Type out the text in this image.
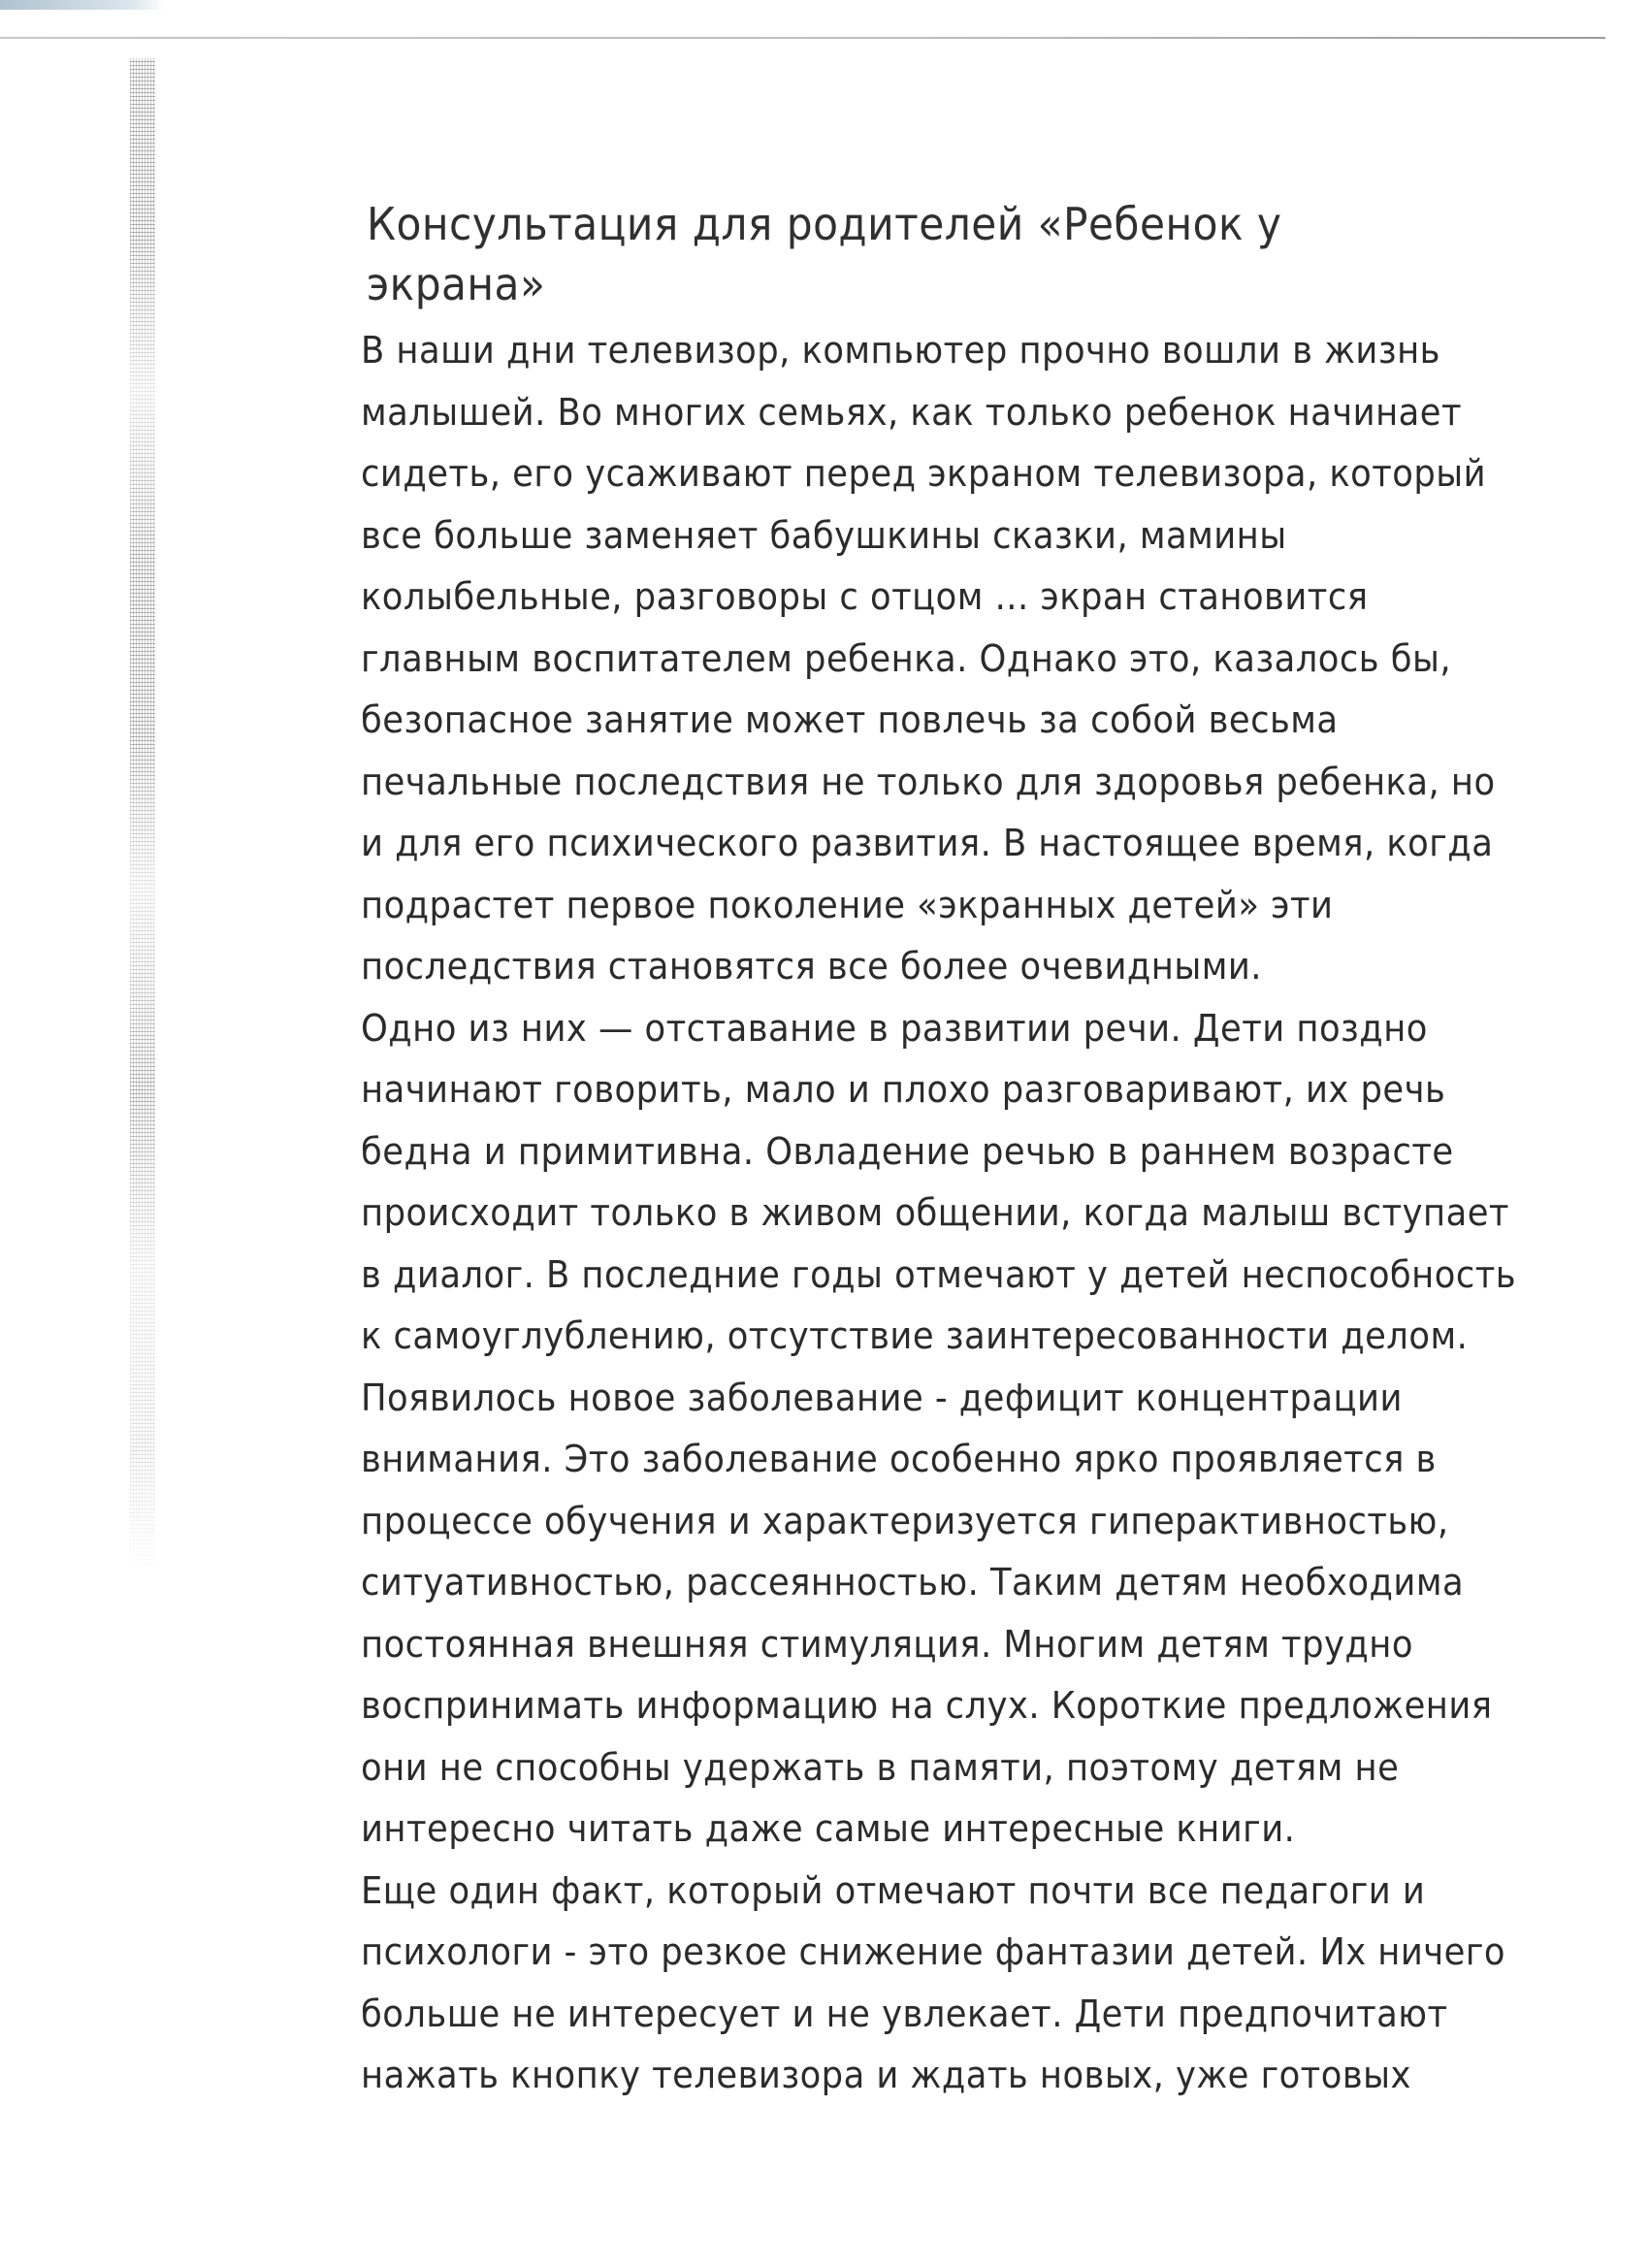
Консультация для родителей «Ребенок у
экрана»
В наши дни телевизор, компьютер прочно вошли в жизнь
малышей. Во многих семьях, как только ребенок начинает
сидеть, его усаживают перед экраном телевизора, который
все больше заменяет бабушкины сказки, мамины
колыбельные, разговоры с отцом ... экран становится
главным воспитателем ребенка. Однако это, казалось бы,
безопасное занятие может повлечь за собой весьма
печальные последствия не только для здоровья ребенка, но
и для его психического развития. В настоящее время, когда
подрастет первое поколение «экранных детей» эти
последствия становятся все более очевидными.
Одно из них — отставание в развитии речи. Дети поздно
начинают говорить, мало и плохо разговаривают, их речь
бедна и примитивна. Овладение речью в раннем возрасте
происходит только в живом общении, когда малыш вступает
в диалог. В последние годы отмечают у детей неспособность
к самоуглублению, отсутствие заинтересованности делом.
Появилось новое заболевание - дефицит концентрации
внимания. Это заболевание особенно ярко проявляется в
процессе обучения и характеризуется гиперактивностью,
ситуативностью, рассеянностью. Таким детям необходима
постоянная внешняя стимуляция. Многим детям трудно
воспринимать информацию на слух. Короткие предложения
они не способны удержать в памяти, поэтому детям не
интересно читать даже самые интересные книги.
Еще один факт, который отмечают почти все педагоги и
психологи - это резкое снижение фантазии детей. Их ничего
больше не интересует и не увлекает. Дети предпочитают
нажать кнопку телевизора и ждать новых, уже готовых
